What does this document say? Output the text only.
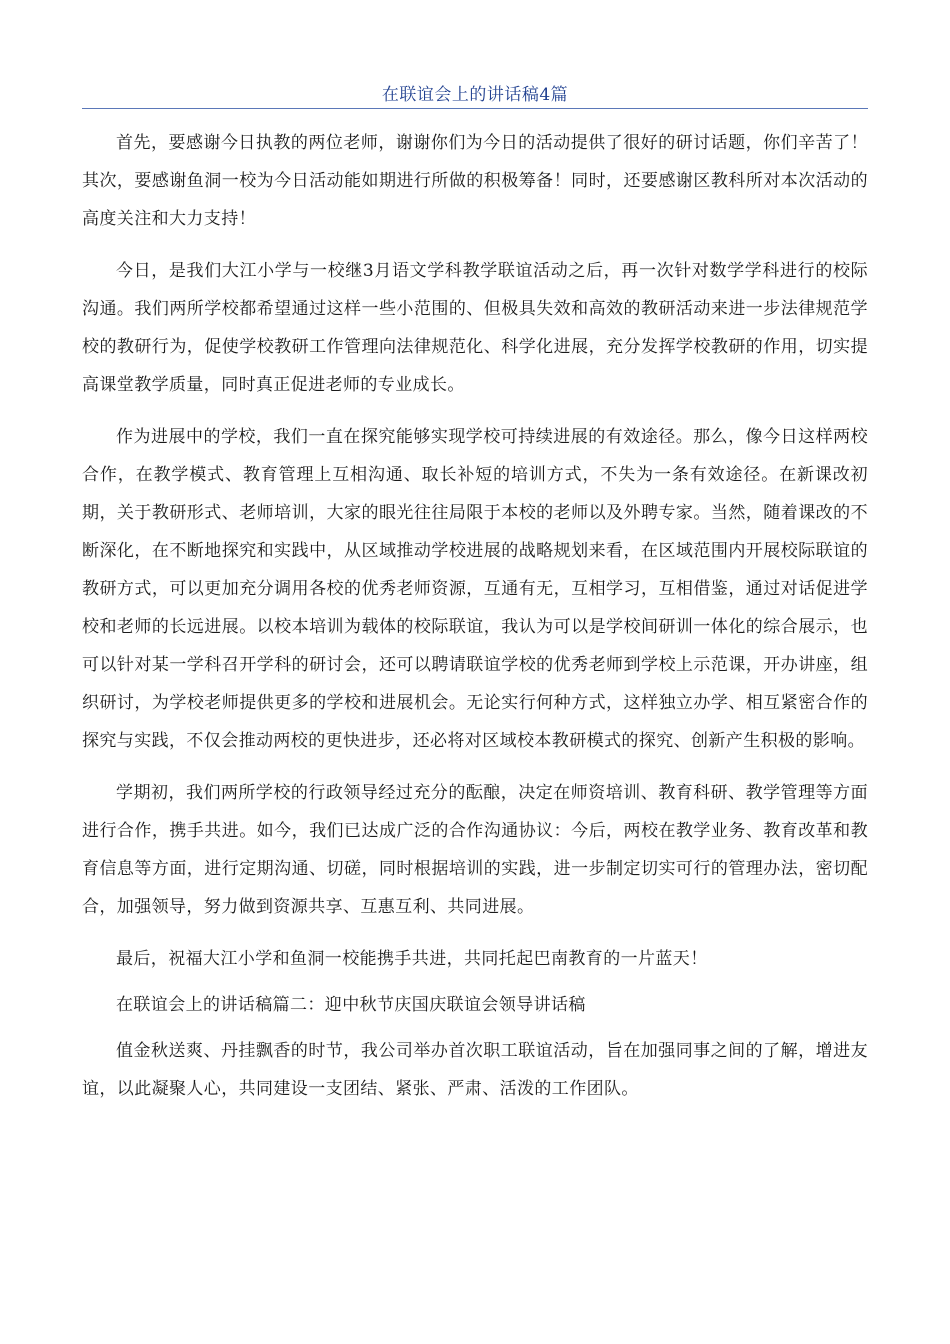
在联谊会上的讲话稿4篇

首先，要感谢今日执教的两位老师，谢谢你们为今日的活动提供了很好的研讨话题，你们辛苦了！其次，要感谢鱼洞一校为今日活动能如期进行所做的积极筹备！同时，还要感谢区教科所对本次活动的高度关注和大力支持！

今日，是我们大江小学与一校继3月语文学科教学联谊活动之后，再一次针对数学学科进行的校际沟通。我们两所学校都希望通过这样一些小范围的、但极具失效和高效的教研活动来进一步法律规范学校的教研行为，促使学校教研工作管理向法律规范化、科学化进展，充分发挥学校教研的作用，切实提高课堂教学质量，同时真正促进老师的专业成长。

作为进展中的学校，我们一直在探究能够实现学校可持续进展的有效途径。那么，像今日这样两校合作，在教学模式、教育管理上互相沟通、取长补短的培训方式，不失为一条有效途径。在新课改初期，关于教研形式、老师培训，大家的眼光往往局限于本校的老师以及外聘专家。当然，随着课改的不断深化，在不断地探究和实践中，从区域推动学校进展的战略规划来看，在区域范围内开展校际联谊的教研方式，可以更加充分调用各校的优秀老师资源，互通有无，互相学习，互相借鉴，通过对话促进学校和老师的长远进展。以校本培训为载体的校际联谊，我认为可以是学校间研训一体化的综合展示，也可以针对某一学科召开学科的研讨会，还可以聘请联谊学校的优秀老师到学校上示范课，开办讲座，组织研讨，为学校老师提供更多的学校和进展机会。无论实行何种方式，这样独立办学、相互紧密合作的探究与实践，不仅会推动两校的更快进步，还必将对区域校本教研模式的探究、创新产生积极的影响。

学期初，我们两所学校的行政领导经过充分的酝酿，决定在师资培训、教育科研、教学管理等方面进行合作，携手共进。如今，我们已达成广泛的合作沟通协议：今后，两校在教学业务、教育改革和教育信息等方面，进行定期沟通、切磋，同时根据培训的实践，进一步制定切实可行的管理办法，密切配合，加强领导，努力做到资源共享、互惠互利、共同进展。

最后，祝福大江小学和鱼洞一校能携手共进，共同托起巴南教育的一片蓝天！

在联谊会上的讲话稿篇二：迎中秋节庆国庆联谊会领导讲话稿

值金秋送爽、丹挂飘香的时节，我公司举办首次职工联谊活动，旨在加强同事之间的了解，增进友谊，以此凝聚人心，共同建设一支团结、紧张、严肃、活泼的工作团队。
